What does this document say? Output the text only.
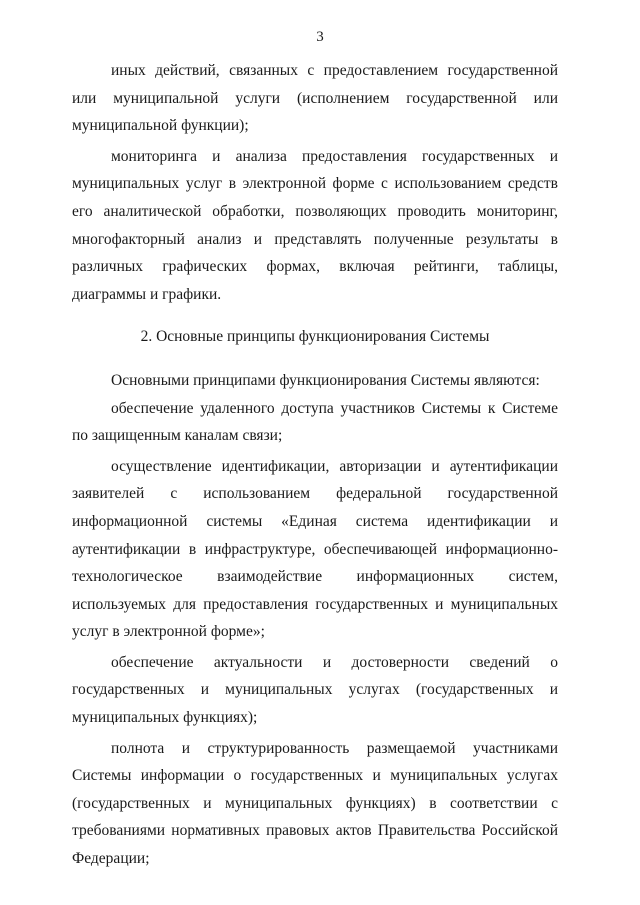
3

иных действий, связанных с предоставлением государственной или муниципальной услуги (исполнением государственной или муниципальной функции);

мониторинга и анализа предоставления государственных и муниципальных услуг в электронной форме с использованием средств его аналитической обработки, позволяющих проводить мониторинг, многофакторный анализ и представлять полученные результаты в различных графических формах, включая рейтинги, таблицы, диаграммы и графики.

2. Основные принципы функционирования Системы

Основными принципами функционирования Системы являются:

обеспечение удаленного доступа участников Системы к Системе по защищенным каналам связи;

осуществление идентификации, авторизации и аутентификации заявителей с использованием федеральной государственной информационной системы «Единая система идентификации и аутентификации в инфраструктуре, обеспечивающей информационно-технологическое взаимодействие информационных систем, используемых для предоставления государственных и муниципальных услуг в электронной форме»;

обеспечение актуальности и достоверности сведений о государственных и муниципальных услугах (государственных и муниципальных функциях);

полнота и структурированность размещаемой участниками Системы информации о государственных и муниципальных услугах (государственных и муниципальных функциях) в соответствии с требованиями нормативных правовых актов Правительства Российской Федерации;
